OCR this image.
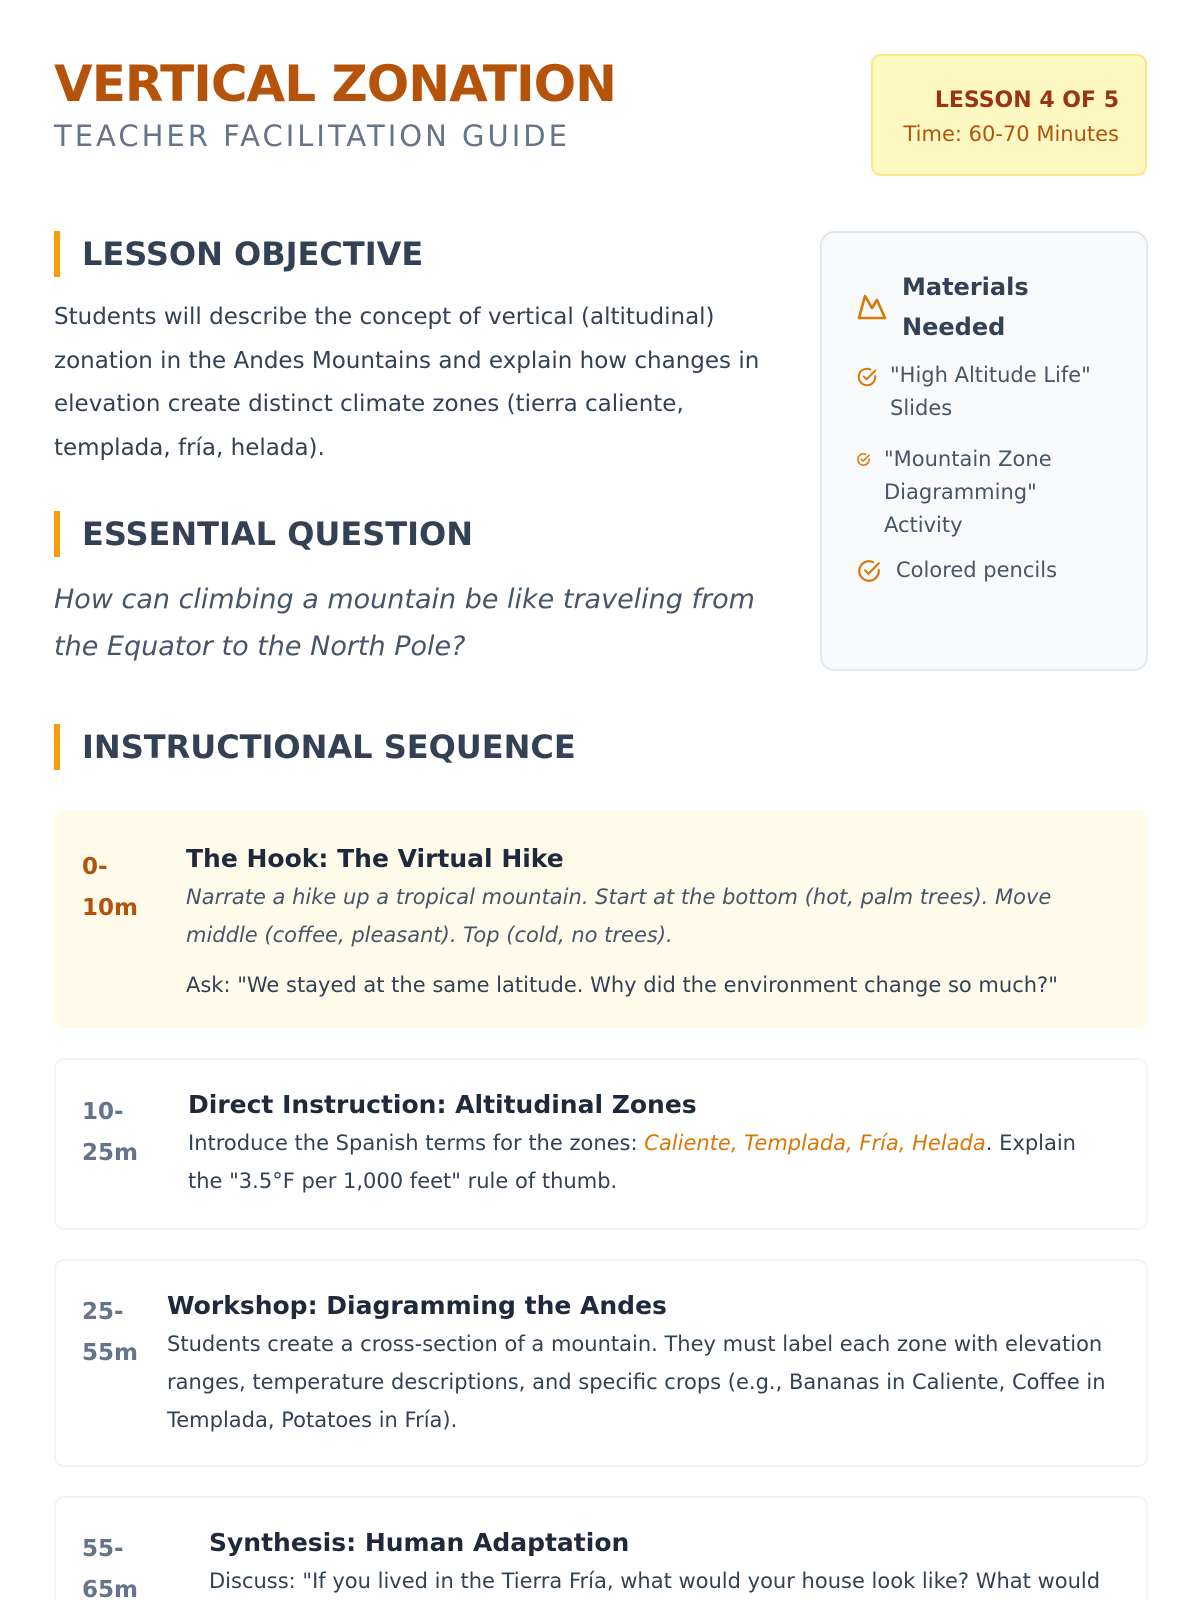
VERTICAL ZONATION
TEACHER FACILITATION GUIDE
LESSON 4 OF 5
Time: 60-70 Minutes
LESSON OBJECTIVE
Students will describe the concept of vertical (altitudinal) zonation in the Andes Mountains and explain how changes in elevation create distinct climate zones (tierra caliente, templada, fría, helada).
ESSENTIAL QUESTION
How can climbing a mountain be like traveling from the Equator to the North Pole?
Materials Needed
"High Altitude Life" Slides
"Mountain Zone Diagramming" Activity
Colored pencils
INSTRUCTIONAL SEQUENCE
0-10m
The Hook: The Virtual Hike
Narrate a hike up a tropical mountain. Start at the bottom (hot, palm trees). Move middle (coffee, pleasant). Top (cold, no trees).
Ask: "We stayed at the same latitude. Why did the environment change so much?"
10-25m
Direct Instruction: Altitudinal Zones
Introduce the Spanish terms for the zones: Caliente, Templada, Fría, Helada. Explain the "3.5°F per 1,000 feet" rule of thumb.
25-55m
Workshop: Diagramming the Andes
Students create a cross-section of a mountain. They must label each zone with elevation ranges, temperature descriptions, and specific crops (e.g., Bananas in Caliente, Coffee in Templada, Potatoes in Fría).
55-65m
Synthesis: Human Adaptation
Discuss: "If you lived in the Tierra Fría, what would your house look like? What would
